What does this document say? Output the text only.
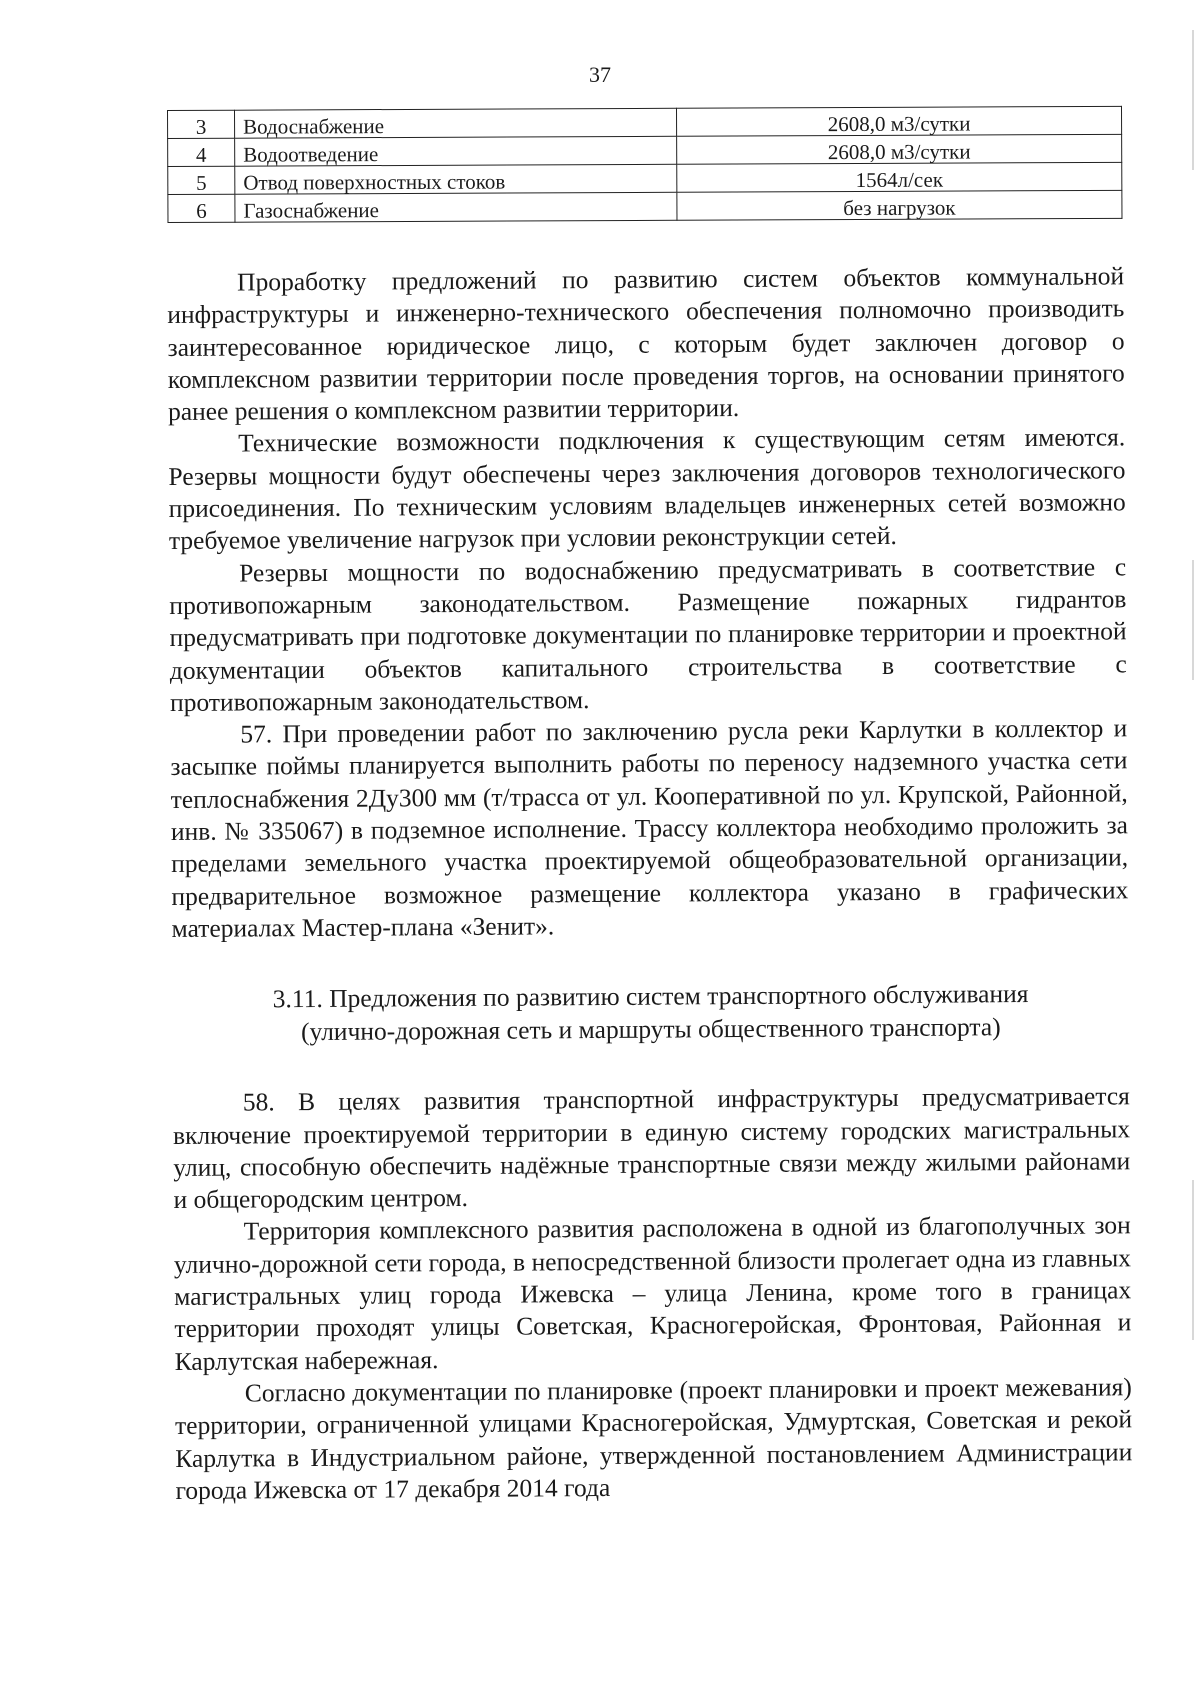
37
3	Водоснабжение	2608,0 м3/сутки
4	Водоотведение	2608,0 м3/сутки
5	Отвод поверхностных стоков	1564л/сек
6	Газоснабжение	без нагрузок

Проработку предложений по развитию систем объектов коммунальной инфраструктуры и инженерно-технического обеспечения полномочно производить заинтересованное юридическое лицо, с которым будет заключен договор о комплексном развитии территории после проведения торгов, на основании принятого ранее решения о комплексном развитии территории.

Технические возможности подключения к существующим сетям имеются. Резервы мощности будут обеспечены через заключения договоров технологического присоединения. По техническим условиям владельцев инженерных сетей возможно требуемое увеличение нагрузок при условии реконструкции сетей.

Резервы мощности по водоснабжению предусматривать в соответствие с противопожарным законодательством. Размещение пожарных гидрантов предусматривать при подготовке документации по планировке территории и проектной документации объектов капитального строительства в соответствие с противопожарным законодательством.

57. При проведении работ по заключению русла реки Карлутки в коллектор и засыпке поймы планируется выполнить работы по переносу надземного участка сети теплоснабжения 2Ду300 мм (т/трасса от ул. Кооперативной по ул. Крупской, Районной, инв. № 335067) в подземное исполнение. Трассу коллектора необходимо проложить за пределами земельного участка проектируемой общеобразовательной организации, предварительное возможное размещение коллектора указано в графических материалах Мастер-плана «Зенит».

3.11. Предложения по развитию систем транспортного обслуживания (улично-дорожная сеть и маршруты общественного транспорта)

58. В целях развития транспортной инфраструктуры предусматривается включение проектируемой территории в единую систему городских магистральных улиц, способную обеспечить надёжные транспортные связи между жилыми районами и общегородским центром.

Территория комплексного развития расположена в одной из благополучных зон улично-дорожной сети города, в непосредственной близости пролегает одна из главных магистральных улиц города Ижевска – улица Ленина, кроме того в границах территории проходят улицы Советская, Красногеройская, Фронтовая, Районная и Карлутская набережная.

Согласно документации по планировке (проект планировки и проект межевания) территории, ограниченной улицами Красногеройская, Удмуртская, Советская и рекой Карлутка в Индустриальном районе, утвержденной постановлением Администрации города Ижевска от 17 декабря 2014 года
